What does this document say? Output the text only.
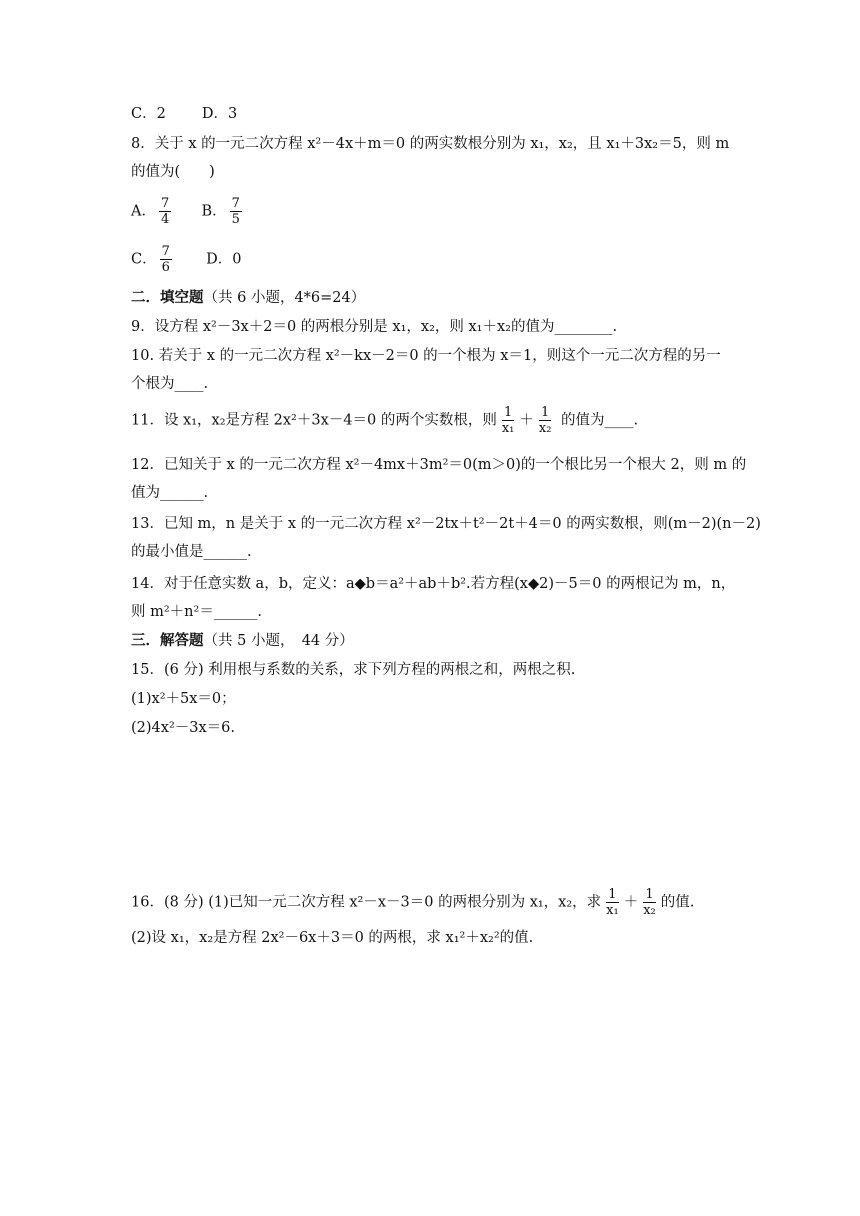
C．2 D．3
8．关于 x 的一元二次方程 x²－4x＋m＝0 的两实数根分别为 x₁，x₂，且 x₁＋3x₂＝5，则 m
的值为(　　)
A． $\frac{7}{4}$ B． $\frac{7}{5}$
C． $\frac{7}{6}$ D．0
二．填空题（共 6 小题，4*6=24）
9．设方程 x²－3x＋2＝0 的两根分别是 x₁，x₂，则 x₁＋x₂的值为________.
10. 若关于 x 的一元二次方程 x²－kx－2＝0 的一个根为 x＝1，则这个一元二次方程的另一
个根为____.
11．设 x₁，x₂是方程 2x²＋3x－4＝0 的两个实数根，则 $\frac{1}{\text{x₁}} + \frac{1}{\text{x₂}}$ 的值为____.
12．已知关于 x 的一元二次方程 x²－4mx＋3m²＝0(m＞0)的一个根比另一个根大 2，则 m 的
值为______.
13．已知 m，n 是关于 x 的一元二次方程 x²－2tx＋t²－2t＋4＝0 的两实数根，则(m－2)(n－2)
的最小值是______.
14．对于任意实数 a，b，定义：a◆b＝a²＋ab＋b².若方程(x◆2)－5＝0 的两根记为 m，n，
则 m²＋n²＝______.
三．解答题（共 5 小题，　44 分）
15．(6 分) 利用根与系数的关系，求下列方程的两根之和，两根之积.
(1)x²＋5x＝0；
(2)4x²－3x＝6.
16．(8 分) (1)已知一元二次方程 x²－x－3＝0 的两根分别为 x₁，x₂，求 $\frac{1}{\text{x₁}} + \frac{1}{\text{x₂}}$ 的值.
(2)设 x₁，x₂是方程 2x²－6x＋3＝0 的两根，求 x₁²＋x₂²的值.
